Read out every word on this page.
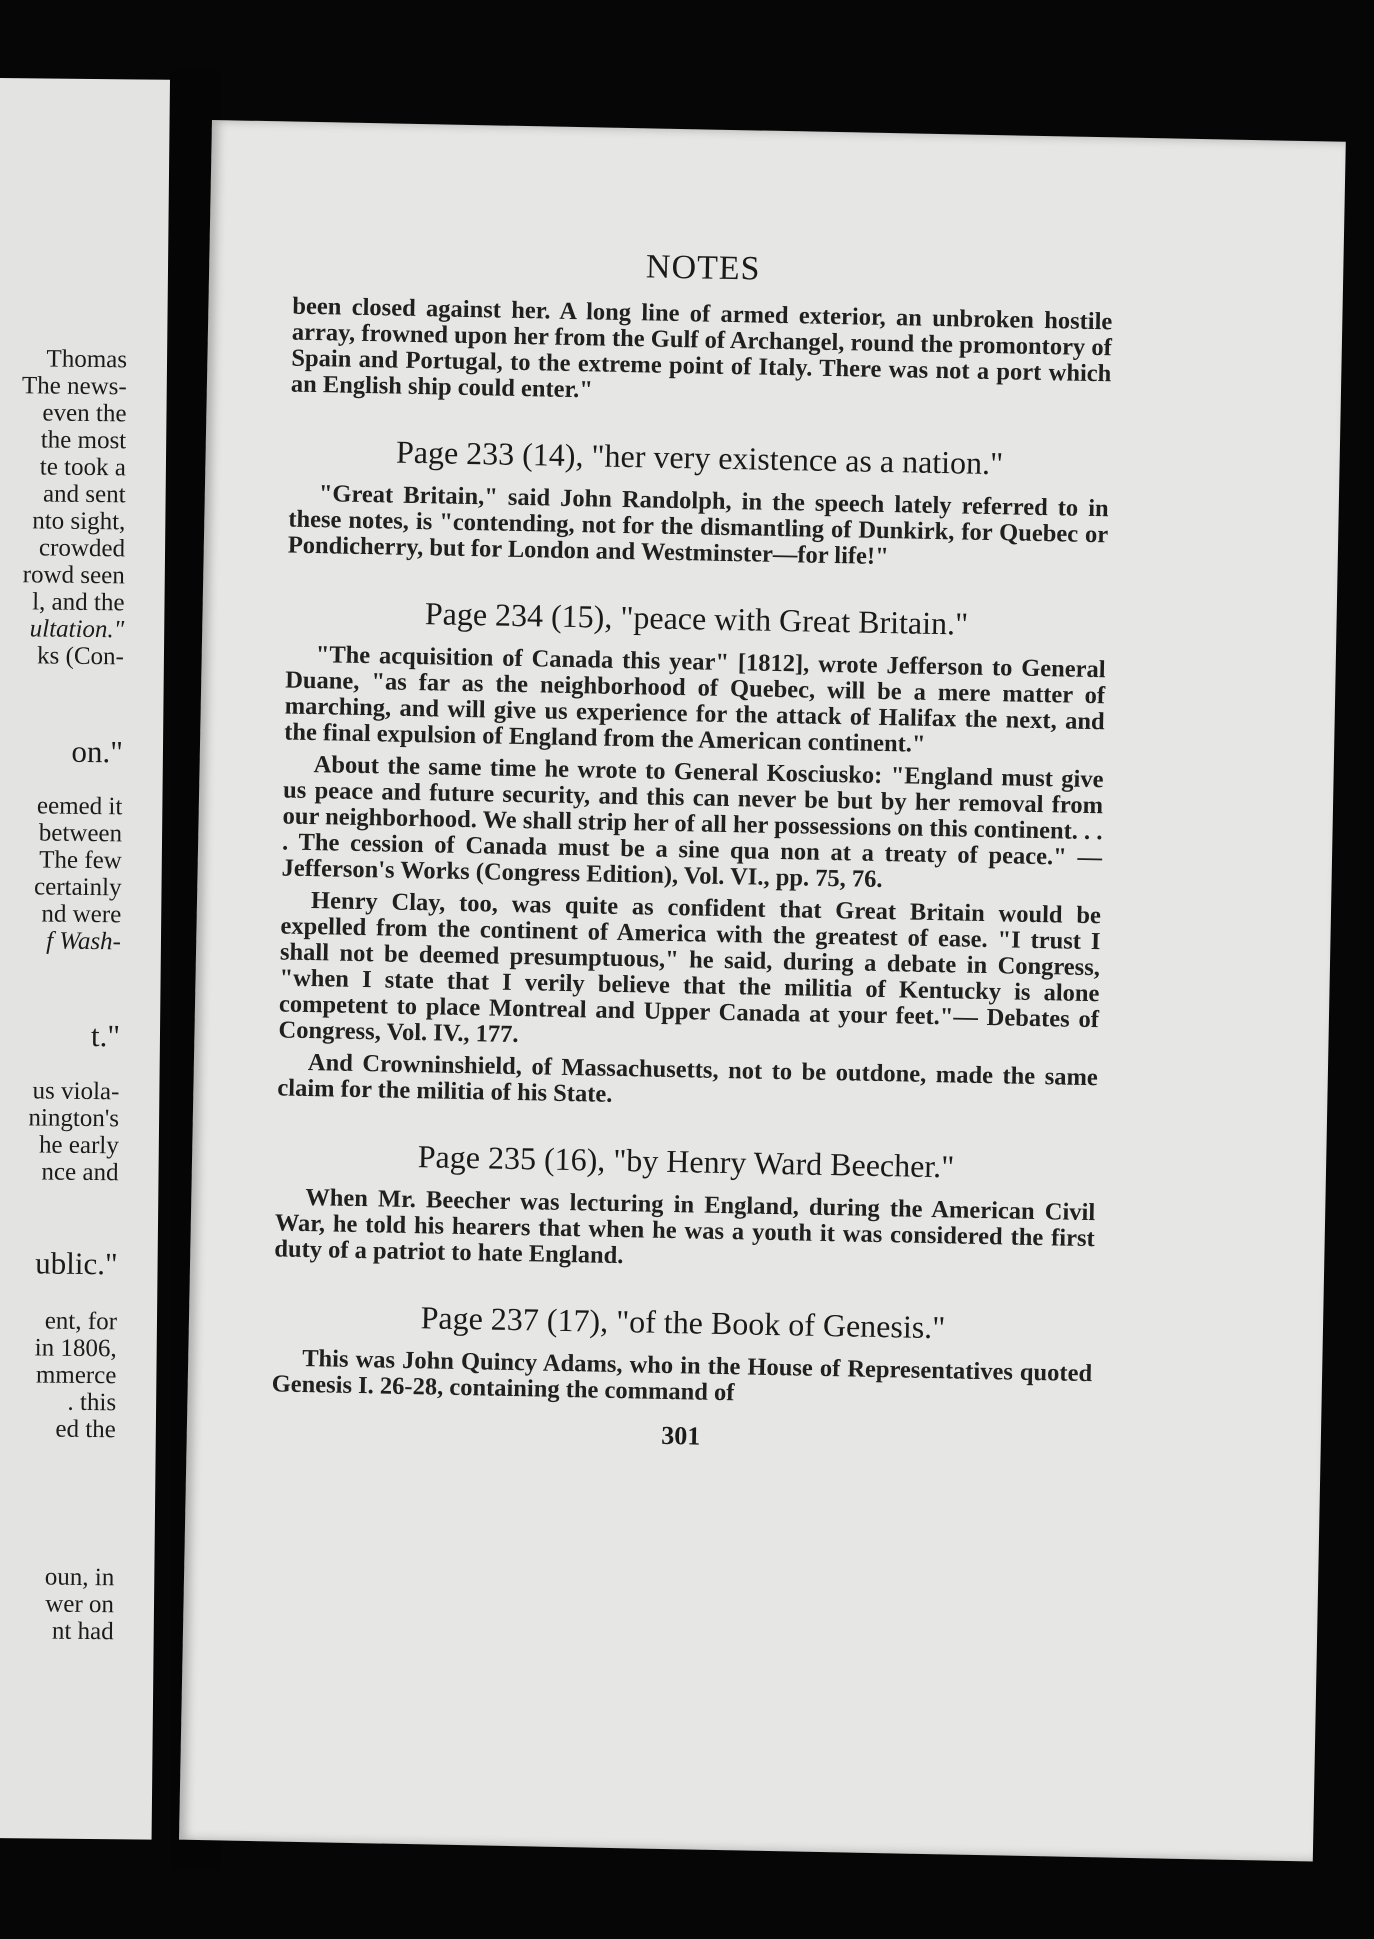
Thomas
The news-
even the
the most
te took a
and sent
nto sight,
crowded
rowd seen
l, and the
ultation."
ks (Con-
on."
eemed it
between
The few
certainly
nd were
f Wash-
t."
us viola-
nington's
he early
nce and
ublic."
ent, for
in 1806,
mmerce
. this
ed the
oun, in
wer on
nt had
NOTES

been closed against her. A long line of armed exterior, an unbroken hostile array, frowned upon her from the Gulf of Archangel, round the promontory of Spain and Portugal, to the extreme point of Italy. There was not a port which an English ship could enter."

Page 233 (14), "her very existence as a nation."

"Great Britain," said John Randolph, in the speech lately referred to in these notes, is "contending, not for the dismantling of Dunkirk, for Quebec or Pondicherry, but for London and Westminster—for life!"

Page 234 (15), "peace with Great Britain."

"The acquisition of Canada this year" [1812], wrote Jefferson to General Duane, "as far as the neighborhood of Quebec, will be a mere matter of marching, and will give us experience for the attack of Halifax the next, and the final expulsion of England from the American continent."

About the same time he wrote to General Kosciusko: "England must give us peace and future security, and this can never be but by her removal from our neighborhood. We shall strip her of all her possessions on this continent. . . . The cession of Canada must be a sine qua non at a treaty of peace." —Jefferson's Works (Congress Edition), Vol. VI., pp. 75, 76.

Henry Clay, too, was quite as confident that Great Britain would be expelled from the continent of America with the greatest of ease. "I trust I shall not be deemed presumptuous," he said, during a debate in Congress, "when I state that I verily believe that the militia of Kentucky is alone competent to place Montreal and Upper Canada at your feet."— Debates of Congress, Vol. IV., 177.

And Crowninshield, of Massachusetts, not to be outdone, made the same claim for the militia of his State.

Page 235 (16), "by Henry Ward Beecher."

When Mr. Beecher was lecturing in England, during the American Civil War, he told his hearers that when he was a youth it was considered the first duty of a patriot to hate England.

Page 237 (17), "of the Book of Genesis."

This was John Quincy Adams, who in the House of Representatives quoted Genesis I. 26-28, containing the command of

301
